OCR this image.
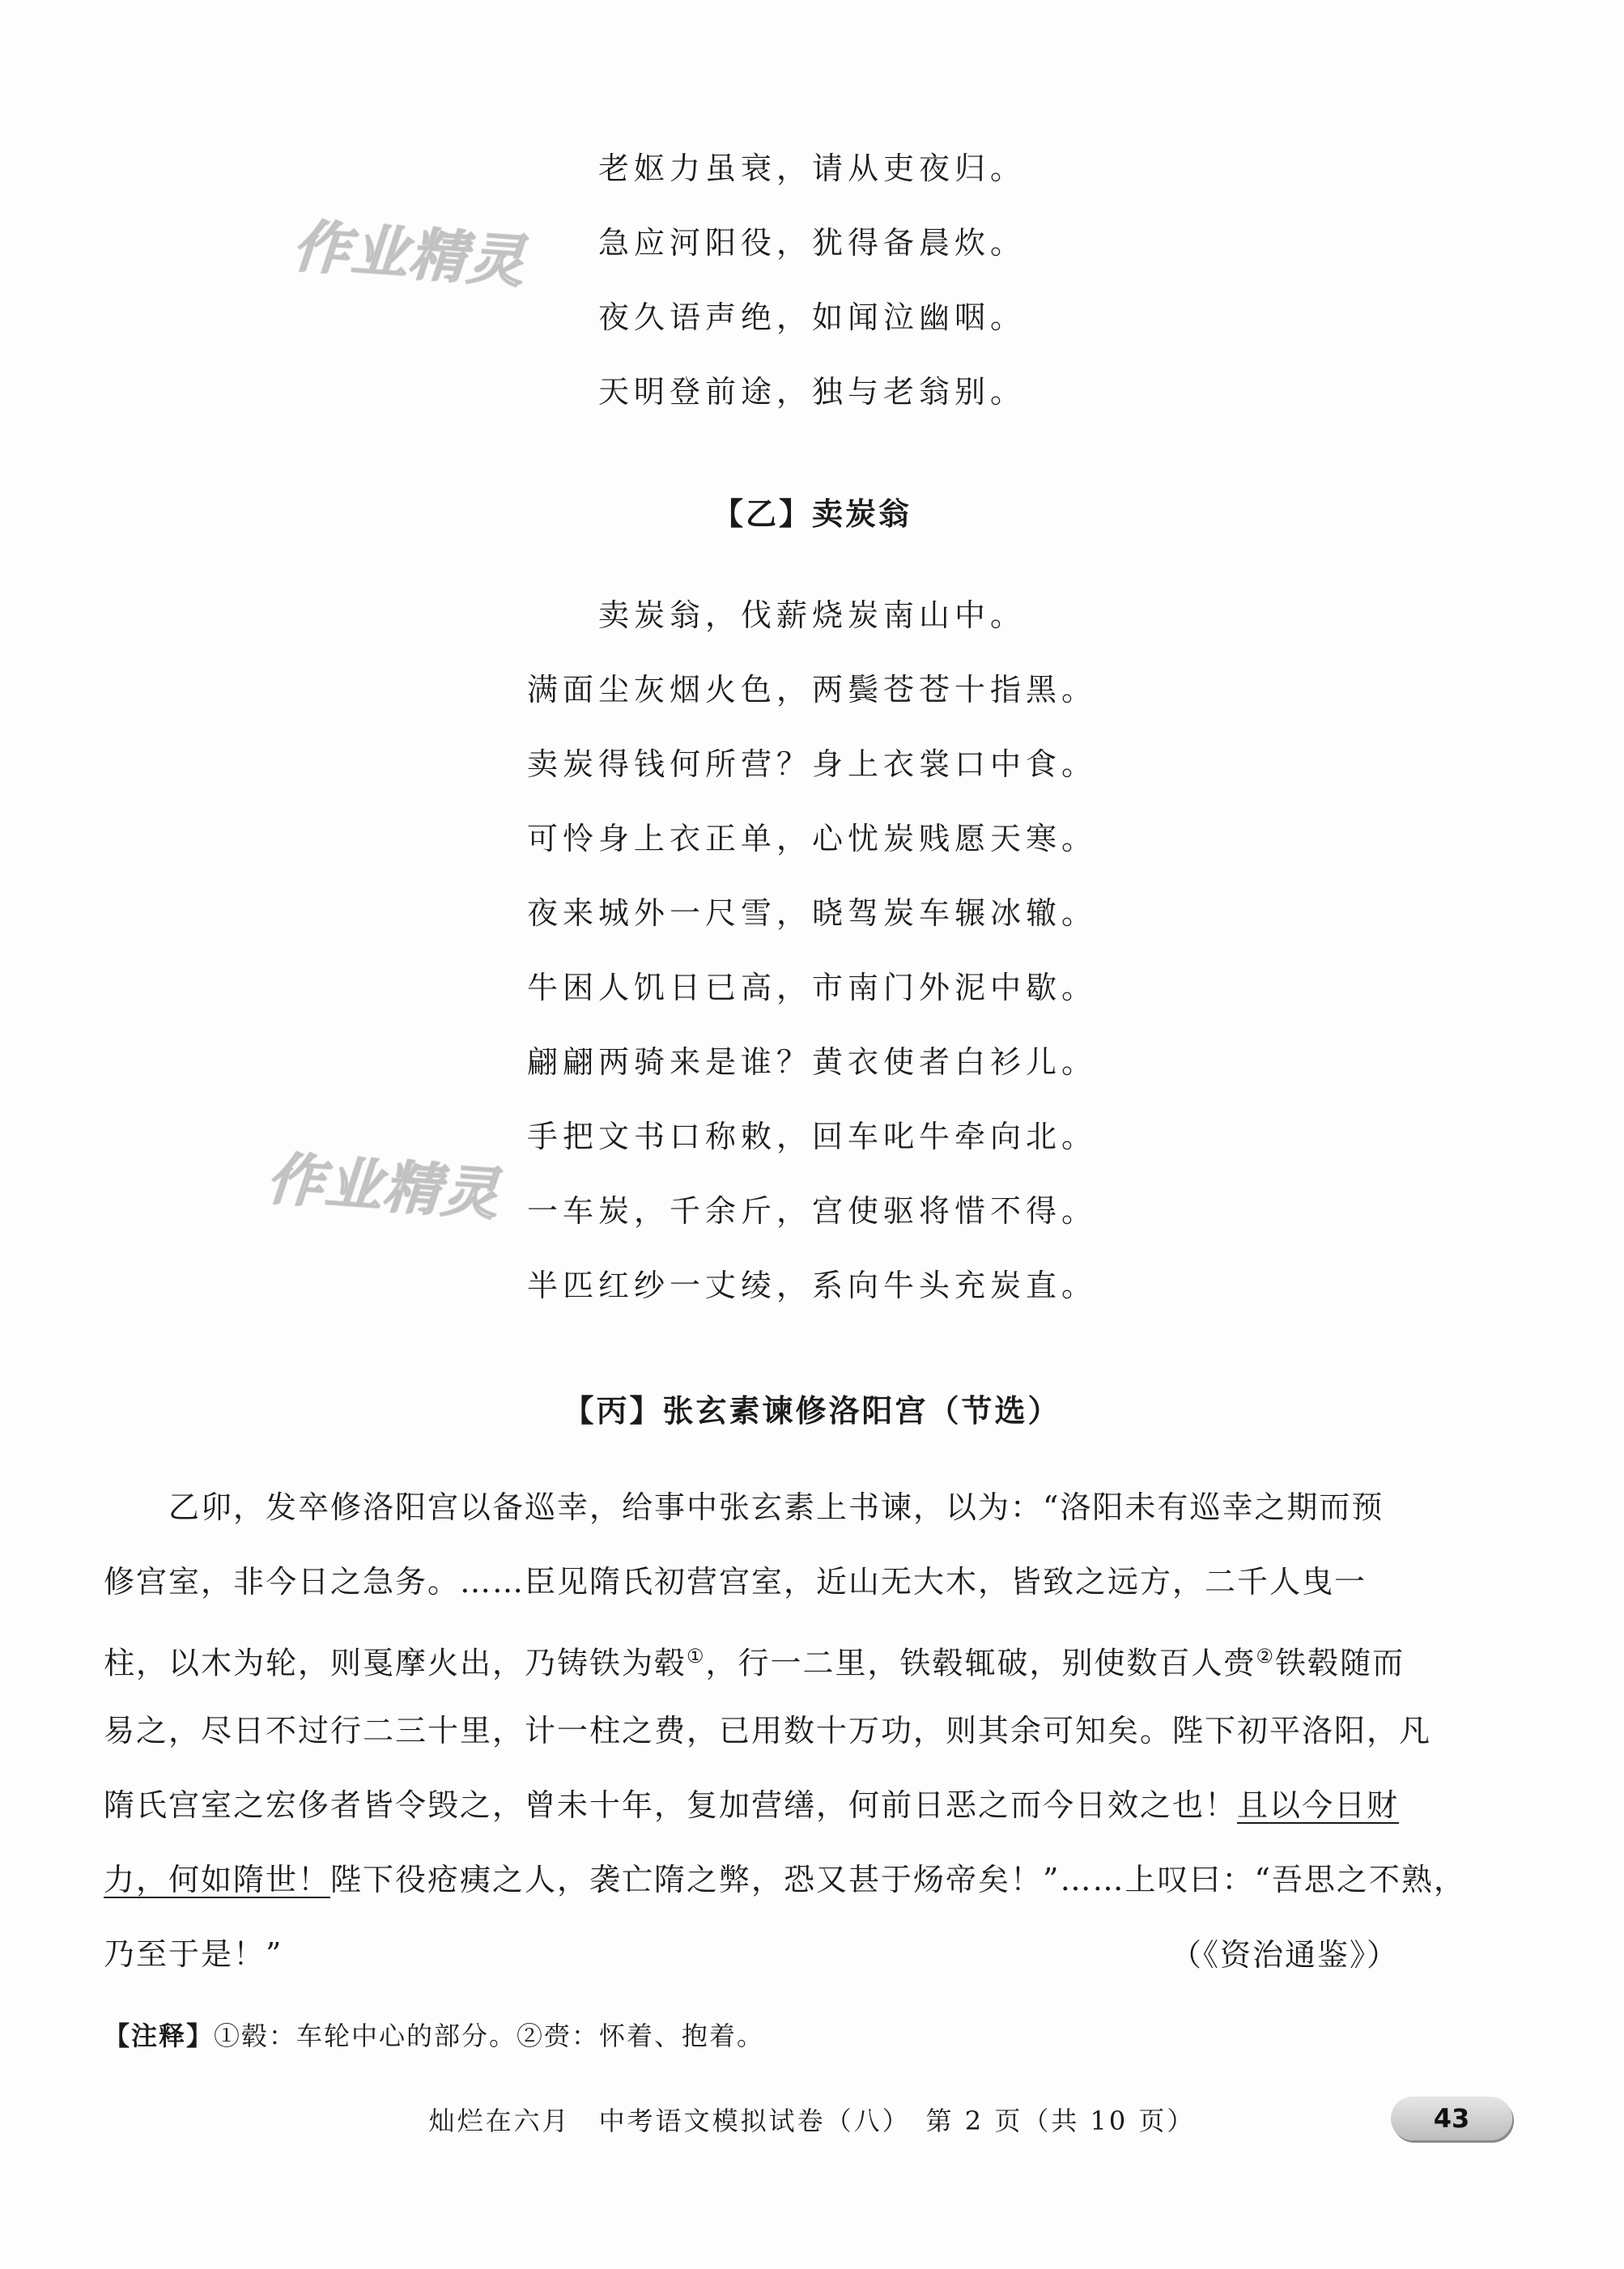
作业精灵
作业精灵
老妪力虽衰，请从吏夜归。
急应河阳役，犹得备晨炊。
夜久语声绝，如闻泣幽咽。
天明登前途，独与老翁别。
【乙】卖炭翁
卖炭翁，伐薪烧炭南山中。
满面尘灰烟火色，两鬓苍苍十指黑。
卖炭得钱何所营？身上衣裳口中食。
可怜身上衣正单，心忧炭贱愿天寒。
夜来城外一尺雪，晓驾炭车辗冰辙。
牛困人饥日已高，市南门外泥中歇。
翩翩两骑来是谁？黄衣使者白衫儿。
手把文书口称敕，回车叱牛牵向北。
一车炭，千余斤，宫使驱将惜不得。
半匹红纱一丈绫，系向牛头充炭直。
【丙】张玄素谏修洛阳宫（节选）
乙卯，发卒修洛阳宫以备巡幸，给事中张玄素上书谏，以为：“洛阳未有巡幸之期而预
修宫室，非今日之急务。……臣见隋氏初营宫室，近山无大木，皆致之远方，二千人曳一
柱，以木为轮，则戛摩火出，乃铸铁为毂①，行一二里，铁毂辄破，别使数百人赍②铁毂随而
易之，尽日不过行二三十里，计一柱之费，已用数十万功，则其余可知矣。陛下初平洛阳，凡
隋氏宫室之宏侈者皆令毁之，曾未十年，复加营缮，何前日恶之而今日效之也！且以今日财
力，何如隋世！陛下役疮痍之人，袭亡隋之弊，恐又甚于炀帝矣！”……上叹曰：“吾思之不熟，
乃至于是！”	（《资治通鉴》）
【注释】①毂：车轮中心的部分。②赍：怀着、抱着。
灿烂在六月　中考语文模拟试卷（八）　第 2 页（共 10 页）	43
